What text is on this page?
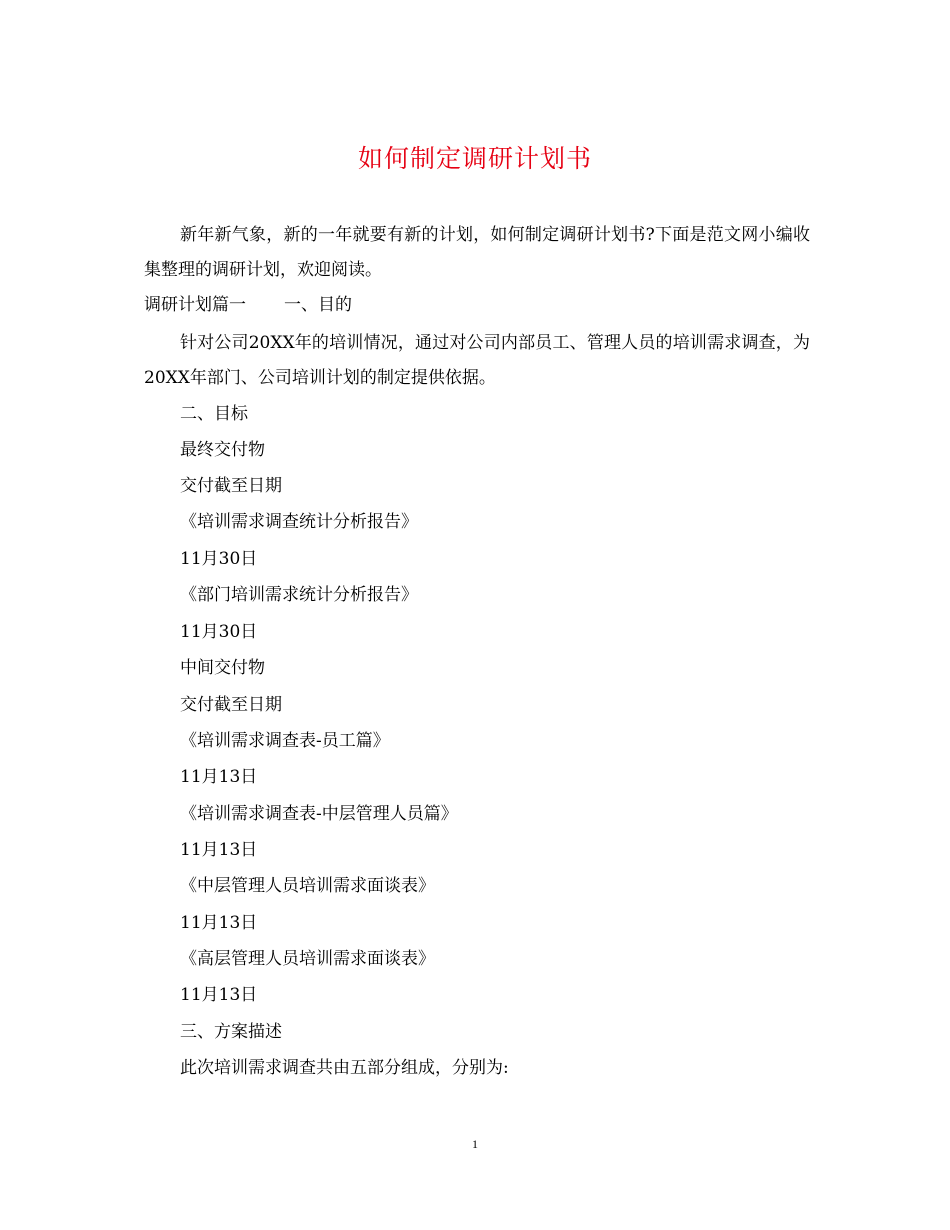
如何制定调研计划书
新年新气象，新的一年就要有新的计划，如何制定调研计划书?下面是范文网小编收集整理的调研计划，欢迎阅读。
调研计划篇一 一、目的
针对公司20XX年的培训情况，通过对公司内部员工、管理人员的培训需求调查，为20XX年部门、公司培训计划的制定提供依据。
二、目标
最终交付物
交付截至日期
《培训需求调查统计分析报告》
11月30日
《部门培训需求统计分析报告》
11月30日
中间交付物
交付截至日期
《培训需求调查表-员工篇》
11月13日
《培训需求调查表-中层管理人员篇》
11月13日
《中层管理人员培训需求面谈表》
11月13日
《高层管理人员培训需求面谈表》
11月13日
三、方案描述
此次培训需求调查共由五部分组成，分别为:
1
